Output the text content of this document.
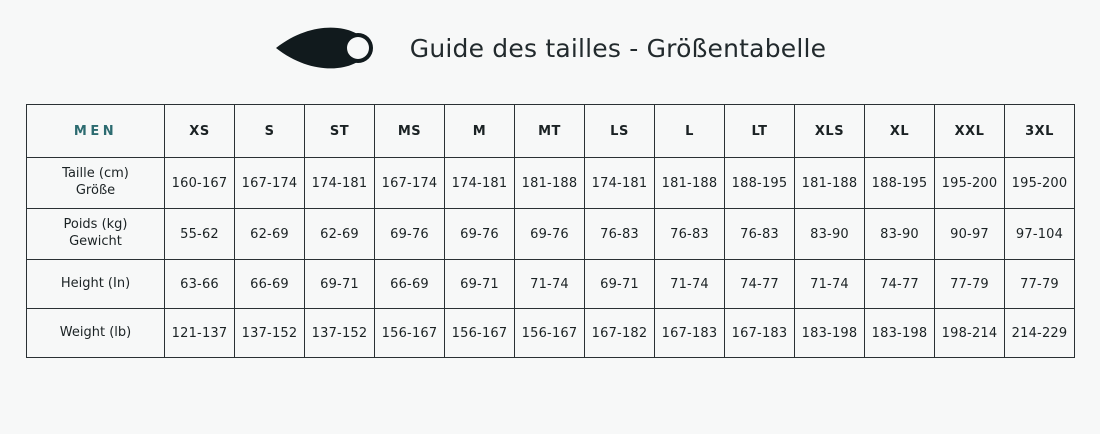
Guide des tailles - Größentabelle
MEN	XS	S	ST	MS	M	MT	LS	L	LT	XLS	XL	XXL	3XL
Taille (cm)
Größe	160-167	167-174	174-181	167-174	174-181	181-188	174-181	181-188	188-195	181-188	188-195	195-200	195-200
Poids (kg)
Gewicht	55-62	62-69	62-69	69-76	69-76	69-76	76-83	76-83	76-83	83-90	83-90	90-97	97-104
Height (In)	63-66	66-69	69-71	66-69	69-71	71-74	69-71	71-74	74-77	71-74	74-77	77-79	77-79
Weight (lb)	121-137	137-152	137-152	156-167	156-167	156-167	167-182	167-183	167-183	183-198	183-198	198-214	214-229
